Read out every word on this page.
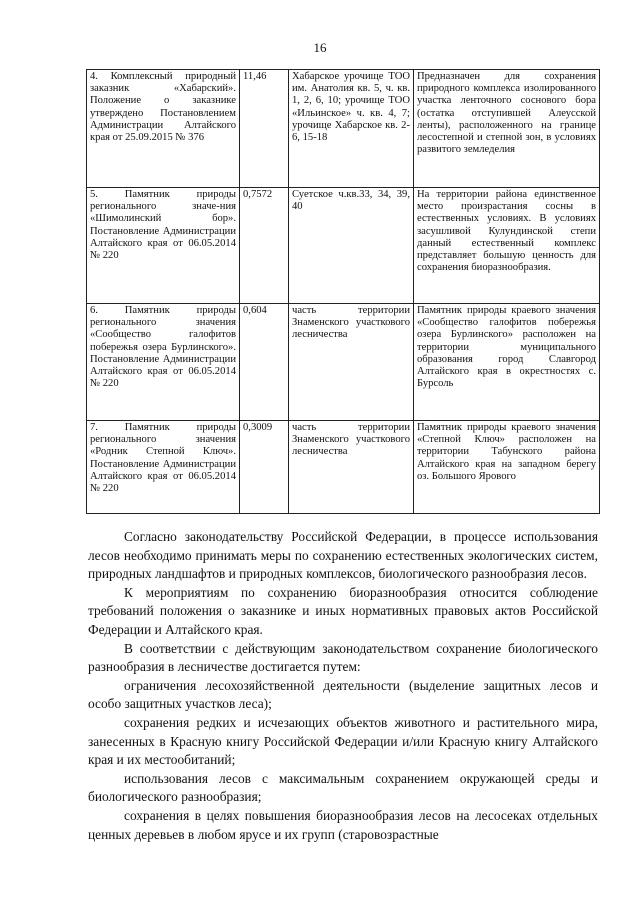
16
4. Комплексный природный заказник «Хабарский». Положение о заказнике утверждено Постановлением Администрации Алтайского края от 25.09.2015 № 376	11,46	Хабарское урочище ТОО им. Анатолия кв. 5, ч. кв. 1, 2, 6, 10; урочище ТОО «Ильинское» ч. кв. 4, 7; урочище Хабарское кв. 2-6, 15-18	Предназначен для сохранения природного комплекса изолированного участка ленточного соснового бора (остатка отступившей Алеусской ленты), расположенного на границе лесостепной и степной зон, в условиях развитого земледелия
5. Памятник природы регионального значе-ния «Шимолинский бор». Постановление Администрации Алтайского края от 06.05.2014 № 220	0,7572	Суетское ч.кв.33, 34, 39, 40	На территории района единственное место произрастания сосны в естественных условиях. В условиях засушливой Кулундинской степи данный естественный комплекс представляет большую ценность для сохранения биоразнообразия.
6. Памятник природы регионального значения «Сообщество галофитов побережья озера Бурлинского». Постановление Администрации Алтайского края от 06.05.2014 № 220	0,604	часть территории Знаменского участкового лесничества	Памятник природы краевого значения «Сообщество галофитов побережья озера Бурлинского» расположен на территории муниципального образования город Славгород Алтайского края в окрестностях с. Бурсоль
7. Памятник природы регионального значения «Родник Степной Ключ». Постановление Администрации Алтайского края от 06.05.2014 № 220	0,3009	часть территории Знаменского участкового лесничества	Памятник природы краевого значения «Степной Ключ» расположен на территории Табунского района Алтайского края на западном берегу оз. Большого Ярового

Согласно законодательству Российской Федерации, в процессе использования лесов необходимо принимать меры по сохранению естественных экологических систем, природных ландшафтов и природных комплексов, биологического разнообразия лесов.

К мероприятиям по сохранению биоразнообразия относится соблюдение требований положения о заказнике и иных нормативных правовых актов Российской Федерации и Алтайского края.

В соответствии с действующим законодательством сохранение биологического разнообразия в лесничестве достигается путем:

ограничения лесохозяйственной деятельности (выделение защитных лесов и особо защитных участков леса);

сохранения редких и исчезающих объектов животного и растительного мира, занесенных в Красную книгу Российской Федерации и/или Красную книгу Алтайского края и их местообитаний;

использования лесов с максимальным сохранением окружающей среды и биологического разнообразия;

сохранения в целях повышения биоразнообразия лесов на лесосеках отдельных ценных деревьев в любом ярусе и их групп (старовозрастные
